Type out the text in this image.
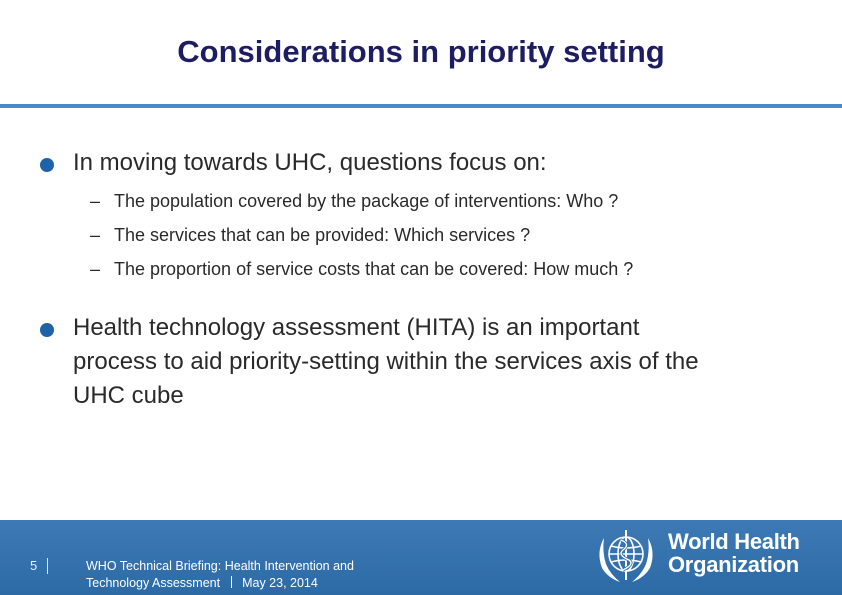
Considerations in priority setting
In moving towards UHC, questions focus on:
– The population covered by the package of interventions: Who ?
– The services that can be provided: Which services ?
– The proportion of service costs that can be covered: How much ?
Health technology assessment (HITA) is an important
process to aid priority-setting within the services axis of the
UHC cube
5	WHO Technical Briefing: Health Intervention and
Technology Assessment May 23, 2014
World Health
Organization
